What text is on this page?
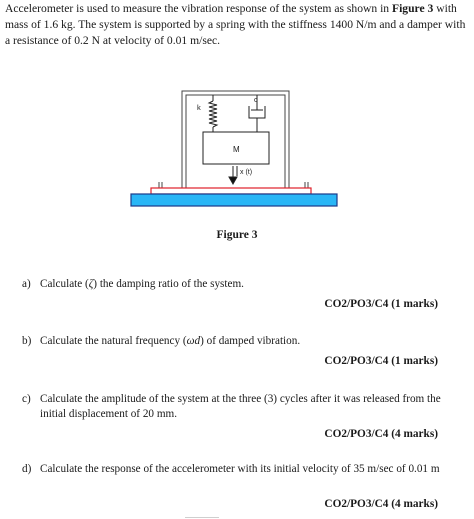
Accelerometer is used to measure the vibration response of the system as shown in Figure 3 with mass of 1.6 kg. The system is supported by a spring with the stiffness 1400 N/m and a damper with a resistance of 0.2 N at velocity of 0.01 m/sec.

k
c
M
x (t)
Figure 3
a) Calculate (ζ) the damping ratio of the system.
CO2/PO3/C4 (1 marks)
b) Calculate the natural frequency (ωd) of damped vibration.
CO2/PO3/C4 (1 marks)
c) Calculate the amplitude of the system at the three (3) cycles after it was released from the initial displacement of 20 mm.
CO2/PO3/C4 (4 marks)
d) Calculate the response of the accelerometer with its initial velocity of 35 m/sec of 0.01 m
CO2/PO3/C4 (4 marks)
